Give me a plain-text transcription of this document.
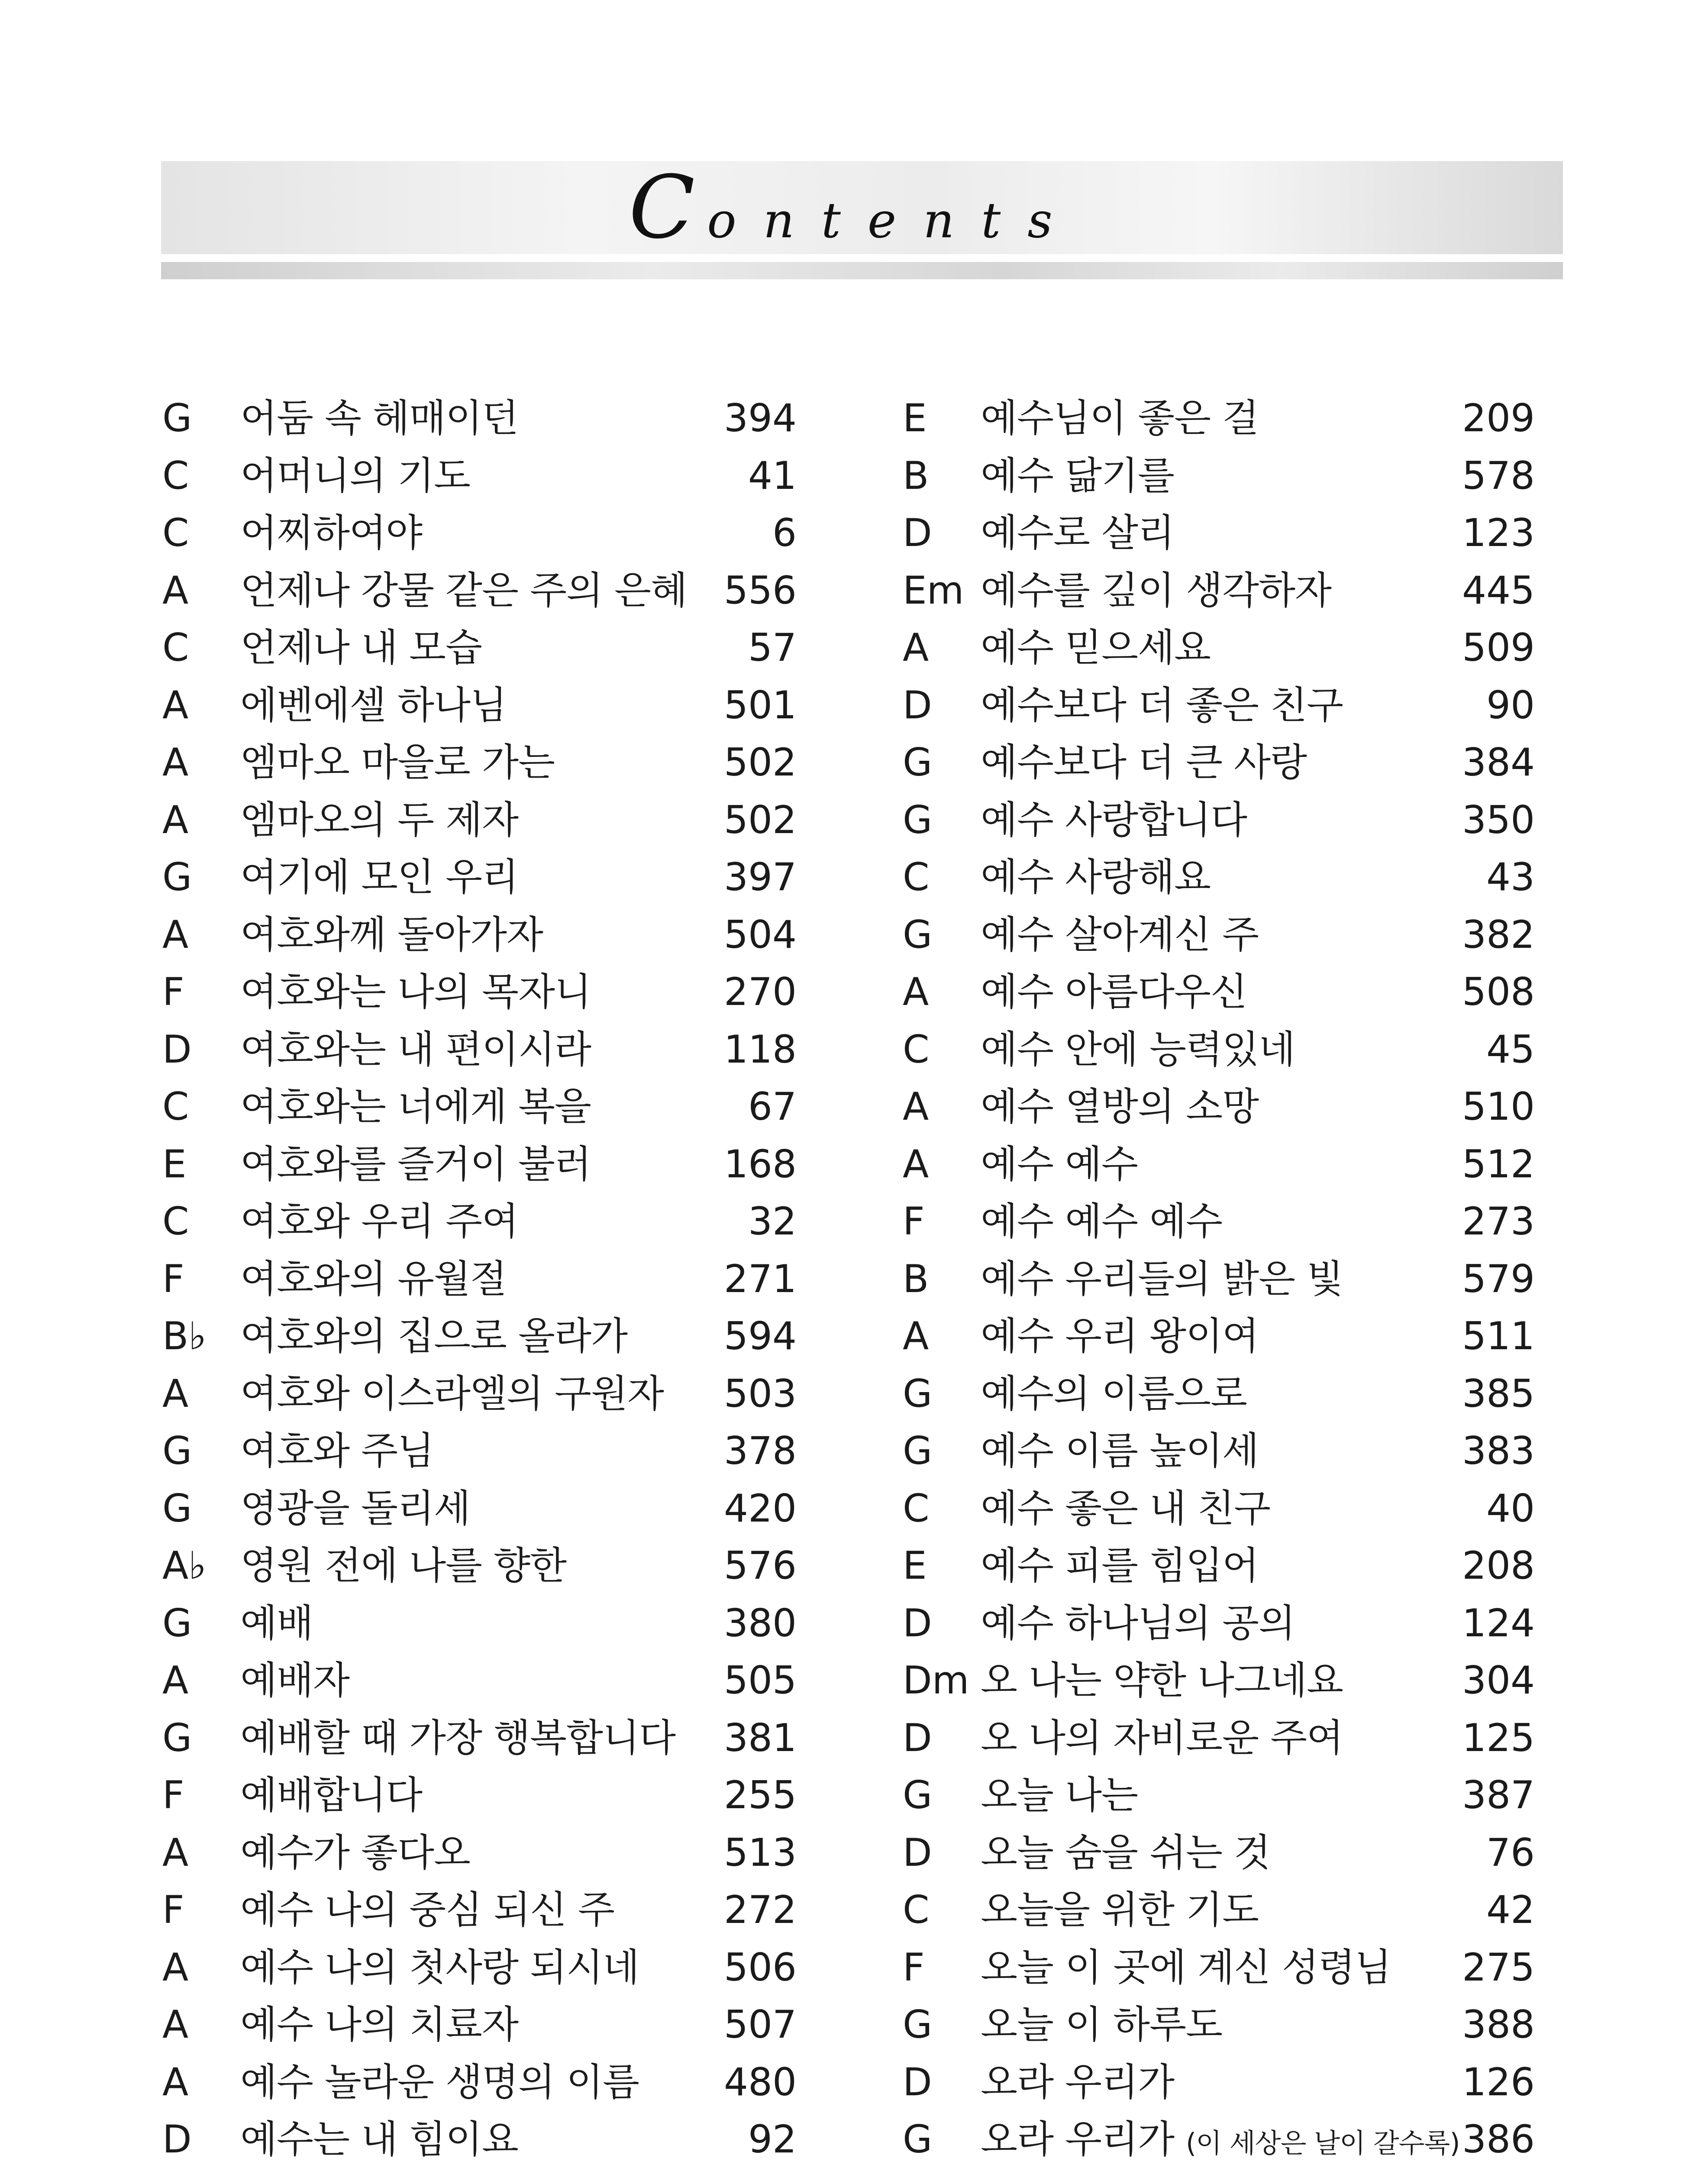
Contents
G 어둠 속 헤매이던	394
C 어머니의 기도	41
C 어찌하여야	6
A 언제나 강물 같은 주의 은혜 556
C 언제나 내 모습	57
A 에벤에셀 하나님	501
A 엠마오 마을로 가는	502
A 엠마오의 두 제자	502
G 여기에 모인 우리	397
A 여호와께 돌아가자	504
F 여호와는 나의 목자니	270
D 여호와는 내 편이시라	118
C 여호와는 너에게 복을	67
E 여호와를 즐거이 불러	168
C 여호와 우리 주여	32
F 여호와의 유월절	271
B♭ 여호와의 집으로 올라가	594
A 여호와 이스라엘의 구원자 503
G 여호와 주님	378
G 영광을 돌리세	420
A♭ 영원 전에 나를 향한	576
G 예배	380
A 예배자	505
G 예배할 때 가장 행복합니다 381
F 예배합니다	255
A 예수가 좋다오	513
F 예수 나의 중심 되신 주	272
A 예수 나의 첫사랑 되시네 506
A 예수 나의 치료자	507
A 예수 놀라운 생명의 이름 480
D 예수는 내 힘이요	92
E 예수님이 좋은 걸	209
B 예수 닮기를	578
D 예수로 살리	123
Em 예수를 깊이 생각하자	445
A 예수 믿으세요	509
D 예수보다 더 좋은 친구	90
G 예수보다 더 큰 사랑	384
G 예수 사랑합니다	350
C 예수 사랑해요	43
G 예수 살아계신 주	382
A 예수 아름다우신	508
C 예수 안에 능력있네	45
A 예수 열방의 소망	510
A 예수 예수	512
F 예수 예수 예수	273
B 예수 우리들의 밝은 빛	579
A 예수 우리 왕이여	511
G 예수의 이름으로	385
G 예수 이름 높이세	383
C 예수 좋은 내 친구	40
E 예수 피를 힘입어	208
D 예수 하나님의 공의	124
Dm 오 나는 약한 나그네요	304
D 오 나의 자비로운 주여	125
G 오늘 나는	387
D 오늘 숨을 쉬는 것	76
C 오늘을 위한 기도	42
F 오늘 이 곳에 계신 성령님 275
G 오늘 이 하루도	388
D 오라 우리가	126
G 오라 우리가 (이 세상은 날이 갈수록) 386
